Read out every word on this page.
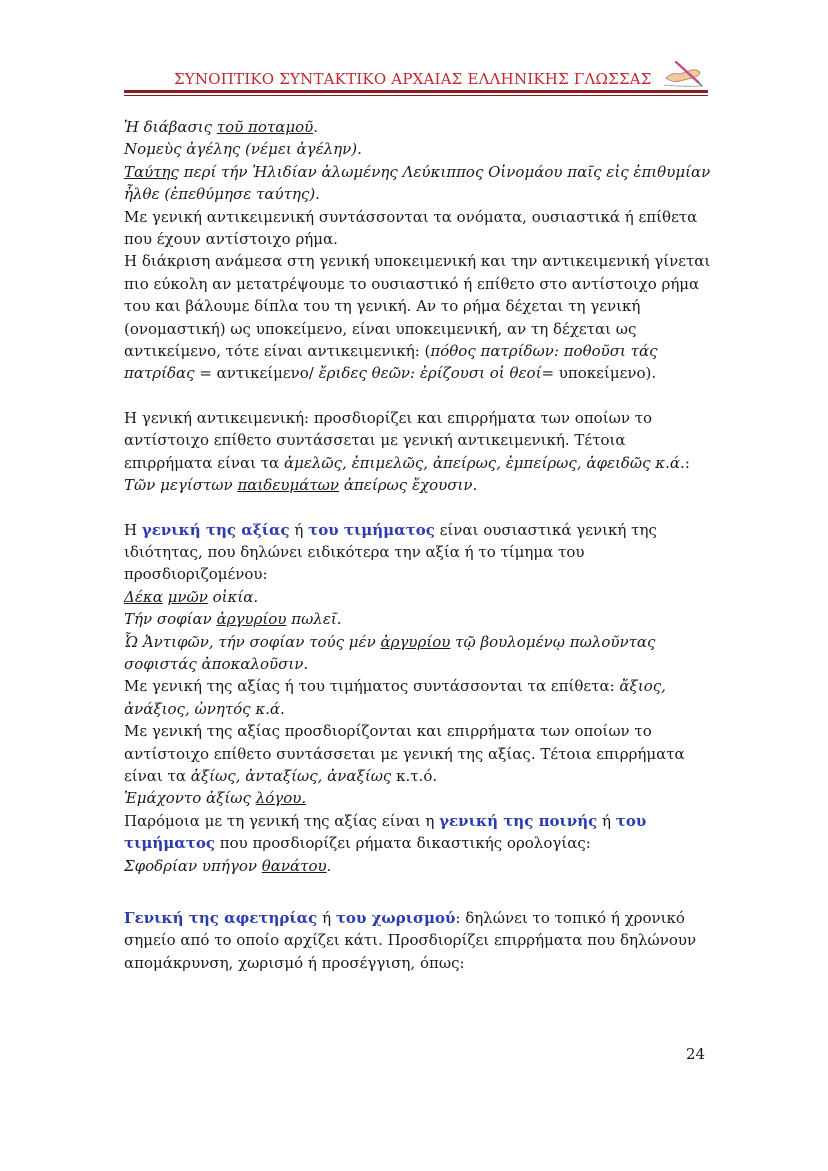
ΣΥΝΟΠΤΙΚΟ ΣΥΝΤΑΚΤΙΚΟ ΑΡΧΑΙΑΣ ΕΛΛΗΝΙΚΗΣ ΓΛΩΣΣΑΣ

Ἡ διάβασις τοῦ ποταμοῦ.

Νομεὺς ἀγέλης (νέμει ἀγέλην).

Ταύτης περί τήν Ἠλιδίαν ἁλωμένης Λεύκιππος Οἰνομάου παῖς εἰς ἐπιθυμίαν ἦλθε (ἐπεθύμησε ταύτης).

Με γενική αντικειμενική συντάσσονται τα ονόματα, ουσιαστικά ή επίθετα που έχουν αντίστοιχο ρήμα.

Η διάκριση ανάμεσα στη γενική υποκειμενική και την αντικειμενική γίνεται πιο εύκολη αν μετατρέψουμε το ουσιαστικό ή επίθετο στο αντίστοιχο ρήμα του και βάλουμε δίπλα του τη γενική. Αν το ρήμα δέχεται τη γενική (ονομαστική) ως υποκείμενο, είναι υποκειμενική, αν τη δέχεται ως αντικείμενο, τότε είναι αντικειμενική: (πόθος πατρίδων: ποθοῦσι τάς πατρίδας = αντικείμενο/ ἔριδες θεῶν: ἐρίζουσι οἱ θεοί= υποκείμενο).

Η γενική αντικειμενική: προσδιορίζει και επιρρήματα των οποίων το αντίστοιχο επίθετο συντάσσεται με γενική αντικειμενική. Τέτοια επιρρήματα είναι τα ἀμελῶς, ἐπιμελῶς, ἀπείρως, ἐμπείρως, ἀφειδῶς κ.ά.:

Τῶν μεγίστων παιδευμάτων ἀπείρως ἔχουσιν.

Η γενική της αξίας ή του τιμήματος είναι ουσιαστικά γενική της ιδιότητας, που δηλώνει ειδικότερα την αξία ή το τίμημα του προσδιοριζομένου:

Δέκα μνῶν οἰκία.

Τήν σοφίαν ἀργυρίου πωλεῖ.

Ὦ Ἀντιφῶν, τήν σοφίαν τούς μέν ἀργυρίου τῷ βουλομένῳ πωλοῦντας σοφιστάς ἀποκαλοῦσιν.

Με γενική της αξίας ή του τιμήματος συντάσσονται τα επίθετα: ἄξιος, ἀνάξιος, ὠνητός κ.ά.

Με γενική της αξίας προσδιορίζονται και επιρρήματα των οποίων το αντίστοιχο επίθετο συντάσσεται με γενική της αξίας. Τέτοια επιρρήματα είναι τα ἀξίως, ἀνταξίως, ἀναξίως κ.τ.ό.

Ἐμάχοντο ἀξίως λόγου.

Παρόμοια με τη γενική της αξίας είναι η γενική της ποινής ή του τιμήματος που προσδιορίζει ρήματα δικαστικής ορολογίας:

Σφοδρίαν υπήγον θανάτου.

Γενική της αφετηρίας ή του χωρισμού: δηλώνει το τοπικό ή χρονικό σημείο από το οποίο αρχίζει κάτι. Προσδιορίζει επιρρήματα που δηλώνουν απομάκρυνση, χωρισμό ή προσέγγιση, όπως:

24
